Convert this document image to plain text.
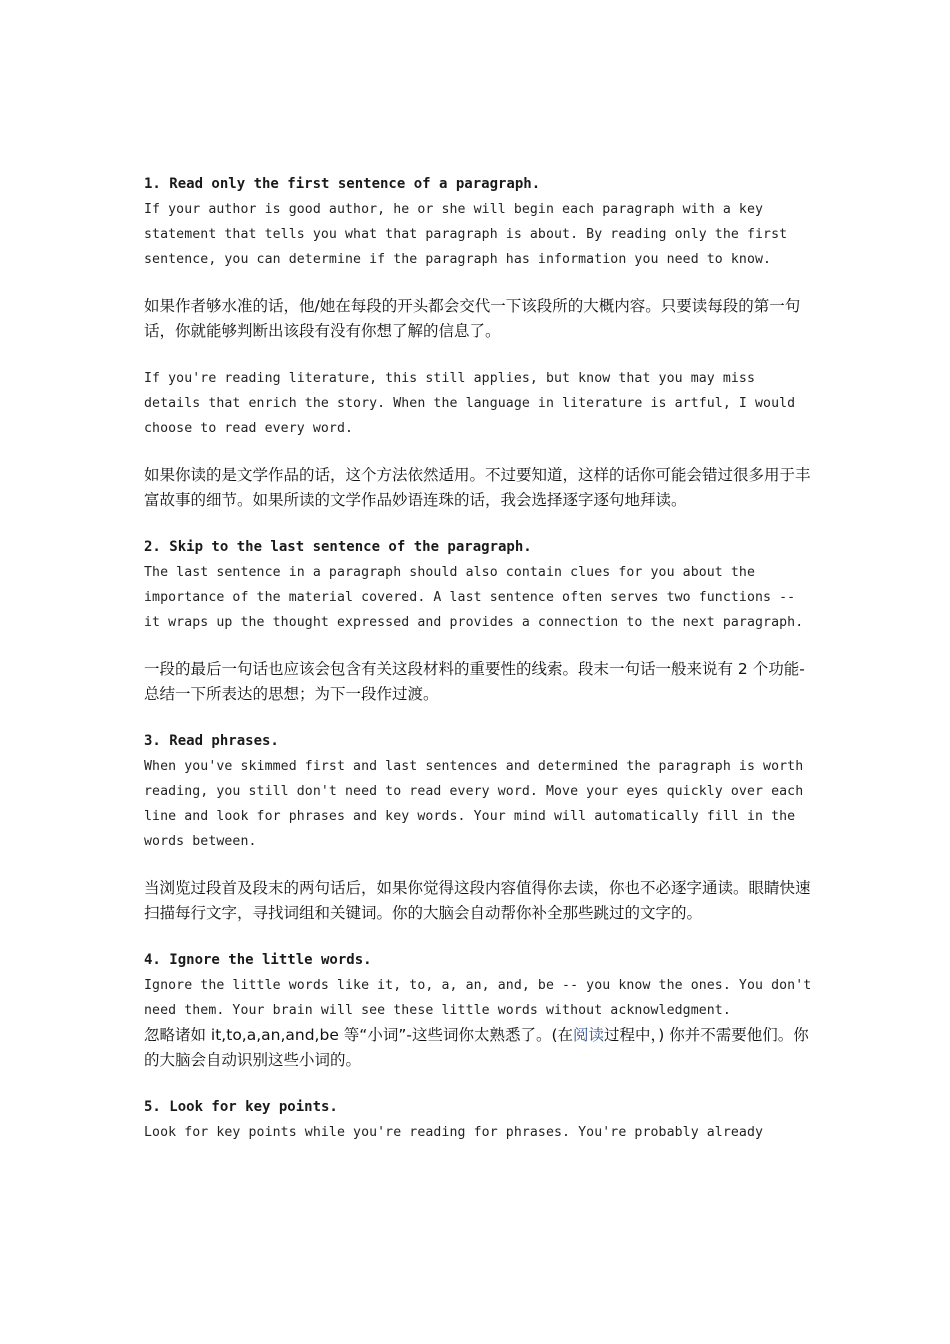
1. Read only the first sentence of a paragraph.

If your author is good author, he or she will begin each paragraph with a key statement that tells you what that paragraph is about. By reading only the first sentence, you can determine if the paragraph has information you need to know.

如果作者够水准的话，他/她在每段的开头都会交代一下该段所的大概内容。只要读每段的第一句话，你就能够判断出该段有没有你想了解的信息了。

If you're reading literature, this still applies, but know that you may miss details that enrich the story. When the language in literature is artful, I would choose to read every word.

如果你读的是文学作品的话，这个方法依然适用。不过要知道，这样的话你可能会错过很多用于丰富故事的细节。如果所读的文学作品妙语连珠的话，我会选择逐字逐句地拜读。

2. Skip to the last sentence of the paragraph.

The last sentence in a paragraph should also contain clues for you about the importance of the material covered. A last sentence often serves two functions -- it wraps up the thought expressed and provides a connection to the next paragraph.

一段的最后一句话也应该会包含有关这段材料的重要性的线索。段末一句话一般来说有 2 个功能-总结一下所表达的思想；为下一段作过渡。

3. Read phrases.

When you've skimmed first and last sentences and determined the paragraph is worth reading, you still don't need to read every word. Move your eyes quickly over each line and look for phrases and key words. Your mind will automatically fill in the words between.

当浏览过段首及段末的两句话后，如果你觉得这段内容值得你去读，你也不必逐字通读。眼睛快速扫描每行文字，寻找词组和关键词。你的大脑会自动帮你补全那些跳过的文字的。

4. Ignore the little words.

Ignore the little words like it, to, a, an, and, be -- you know the ones. You don't need them. Your brain will see these little words without acknowledgment.

忽略诸如 it,to,a,an,and,be 等“小词”-这些词你太熟悉了。(在阅读过程中，) 你并不需要他们。你的大脑会自动识别这些小词的。

5. Look for key points.

Look for key points while you're reading for phrases. You're probably already
